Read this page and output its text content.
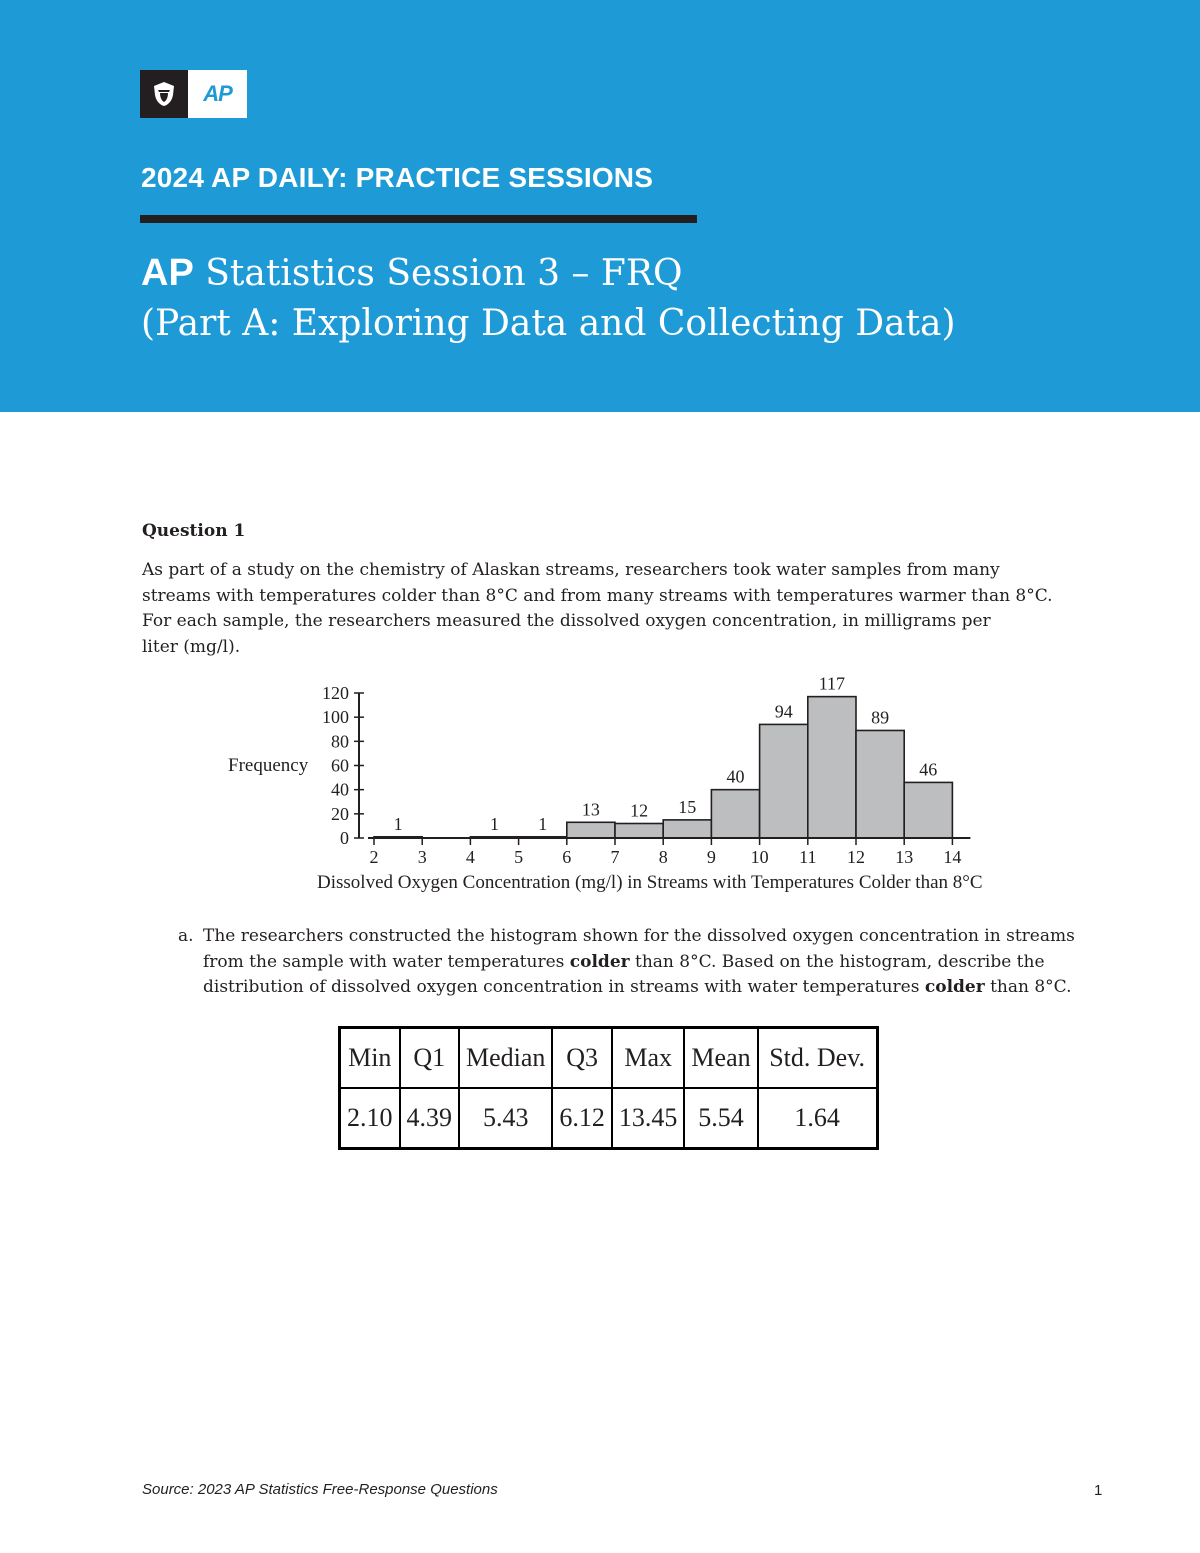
AP
2024 AP DAILY: PRACTICE SESSIONS
AP Statistics Session 3 – FRQ
(Part A: Exploring Data and Collecting Data)
Question 1

As part of a study on the chemistry of Alaskan streams, researchers took water samples from many

streams with temperatures colder than 8°C and from many streams with temperatures warmer than 8°C.

For each sample, the researchers measured the dissolved oxygen concentration, in milligrams per

liter (mg/l).

1	1 1
13 12 15
40
94
117
89
46
0
20
40
60
80
100
120
2 3 4 5 6 7 8 9 10 11 12 13 14
Frequency
Dissolved Oxygen Concentration (mg/l) in Streams with Temperatures Colder than 8°C
a. The researchers constructed the histogram shown for the dissolved oxygen concentration in streams

from the sample with water temperatures colder than 8°C. Based on the histogram, describe the

distribution of dissolved oxygen concentration in streams with water temperatures colder than 8°C.

Min	Q1	Median	Q3	Max	Mean	Std. Dev.
2.10	4.39	5.43	6.12	13.45	5.54	1.64
Source: 2023 AP Statistics Free-Response Questions	1
